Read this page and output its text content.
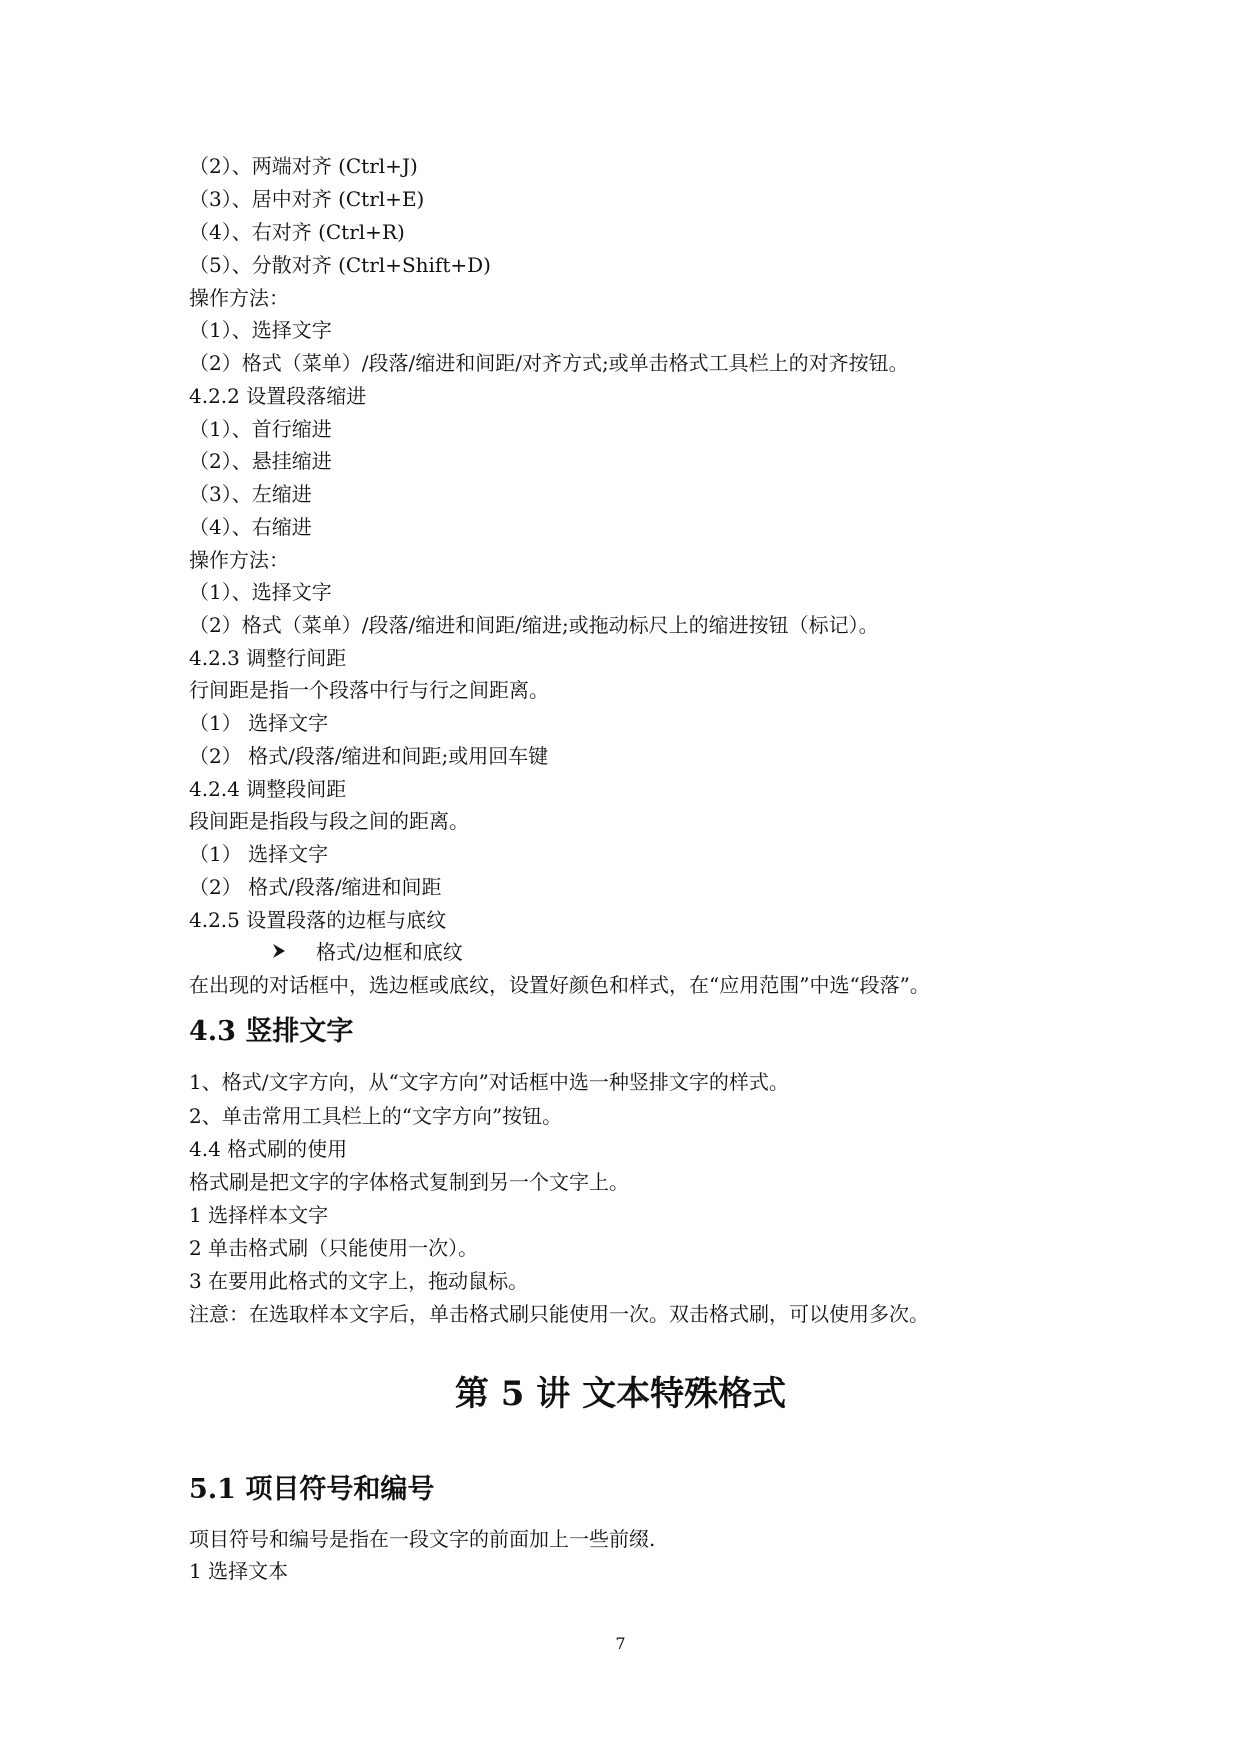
（2）、两端对齐 (Ctrl+J)
（3）、居中对齐 (Ctrl+E)
（4）、右对齐 (Ctrl+R)
（5）、分散对齐 (Ctrl+Shift+D)
操作方法：
（1）、选择文字
（2）格式（菜单）/段落/缩进和间距/对齐方式;或单击格式工具栏上的对齐按钮。
4.2.2 设置段落缩进
（1）、首行缩进
（2）、悬挂缩进
（3）、左缩进
（4）、右缩进
操作方法：
（1）、选择文字
（2）格式（菜单）/段落/缩进和间距/缩进;或拖动标尺上的缩进按钮（标记）。
4.2.3 调整行间距
行间距是指一个段落中行与行之间距离。
（1） 选择文字
（2） 格式/段落/缩进和间距;或用回车键
4.2.4 调整段间距
段间距是指段与段之间的距离。
（1） 选择文字
（2） 格式/段落/缩进和间距
4.2.5 设置段落的边框与底纹
格式/边框和底纹
在出现的对话框中，选边框或底纹，设置好颜色和样式，在“应用范围”中选“段落”。
4.3 竖排文字
1、格式/文字方向，从“文字方向”对话框中选一种竖排文字的样式。
2、单击常用工具栏上的“文字方向”按钮。
4.4 格式刷的使用
格式刷是把文字的字体格式复制到另一个文字上。
1 选择样本文字
2 单击格式刷（只能使用一次）。
3 在要用此格式的文字上，拖动鼠标。
注意：在选取样本文字后，单击格式刷只能使用一次。双击格式刷，可以使用多次。
第 5 讲 文本特殊格式
5.1 项目符号和编号
项目符号和编号是指在一段文字的前面加上一些前缀.
1 选择文本
7
